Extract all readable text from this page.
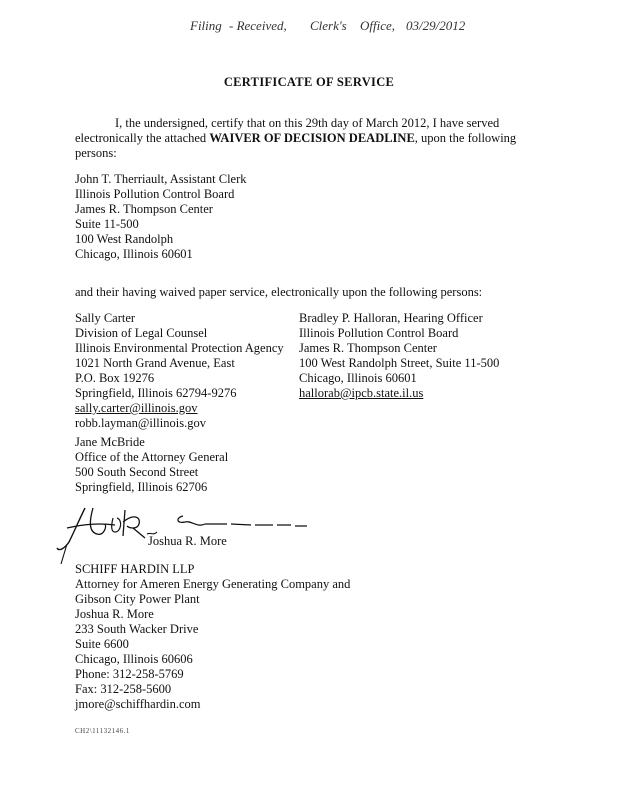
Filing - Received, Clerk's Office, 03/29/2012
CERTIFICATE OF SERVICE
I, the undersigned, certify that on this 29th day of March 2012, I have served electronically the attached WAIVER OF DECISION DEADLINE, upon the following persons:
John T. Therriault, Assistant Clerk
Illinois Pollution Control Board
James R. Thompson Center
Suite 11-500
100 West Randolph
Chicago, Illinois 60601
and their having waived paper service, electronically upon the following persons:
Sally Carter
Division of Legal Counsel
Illinois Environmental Protection Agency
1021 North Grand Avenue, East
P.O. Box 19276
Springfield, Illinois 62794-9276
sally.carter@illinois.gov
robb.layman@illinois.gov
Bradley P. Halloran, Hearing Officer
Illinois Pollution Control Board
James R. Thompson Center
100 West Randolph Street, Suite 11-500
Chicago, Illinois 60601
hallorab@ipcb.state.il.us
Jane McBride
Office of the Attorney General
500 South Second Street
Springfield, Illinois 62706
Joshua R. More
SCHIFF HARDIN LLP
Attorney for Ameren Energy Generating Company and
Gibson City Power Plant
Joshua R. More
233 South Wacker Drive
Suite 6600
Chicago, Illinois 60606
Phone: 312-258-5769
Fax: 312-258-5600
jmore@schiffhardin.com
CH2\11132146.1
